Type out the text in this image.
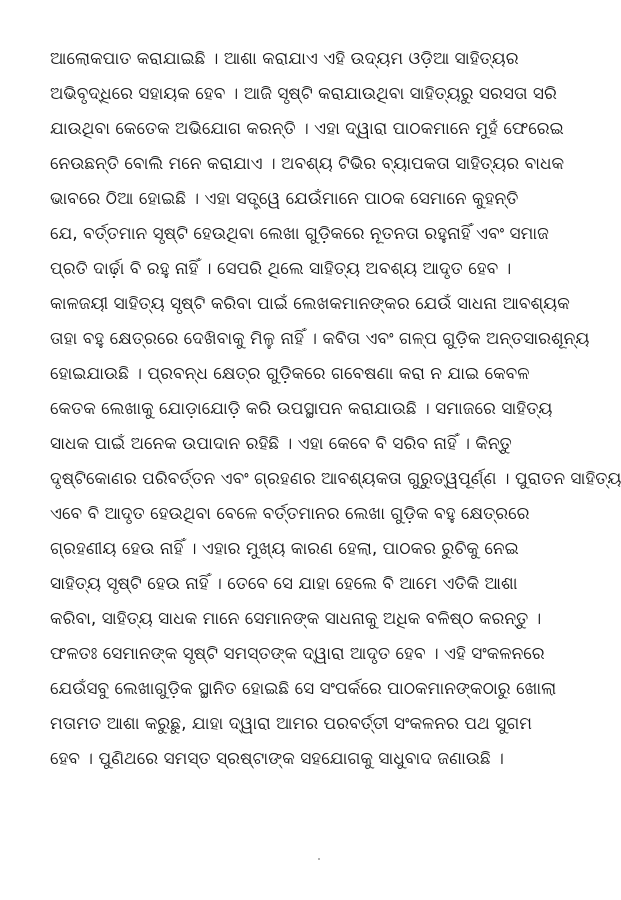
ଆଲୋକପାତ କରାଯାଇଛି । ଆଶା କରାଯାଏ ଏହି ଉଦ୍ୟମ ଓଡ଼ିଆ ସାହିତ୍ୟର
ଅଭିବୃଦ୍ଧିରେ ସହାୟକ ହେବ । ଆଜି ସୃଷ୍ଟି କରାଯାଉଥିବା ସାହିତ୍ୟରୁ ସରସତା ସରି
ଯାଉଥିବା କେତେକ ଅଭିଯୋଗ କରନ୍ତି । ଏହା ଦ୍ୱାରା ପାଠକମାନେ ମୁହଁ ଫେରେଇ
ନେଉଛନ୍ତି ବୋଲି ମନେ କରାଯାଏ । ଅବଶ୍ୟ ଟିଭିର ବ୍ୟାପକତା ସାହିତ୍ୟର ବାଧକ
ଭାବରେ ଠିଆ ହୋଇଛି । ଏହା ସତ୍ତ୍ୱେ ଯେଉଁମାନେ ପାଠକ ସେମାନେ କୁହନ୍ତି
ଯେ, ବର୍ତ୍ତମାନ ସୃଷ୍ଟି ହେଉଥିବା ଲେଖା ଗୁଡ଼ିକରେ ନୂତନତା ରହୁନାହିଁ ଏବଂ ସମାଜ
ପ୍ରତି ଦାର୍ଢ଼ା ବି ରହୁ ନାହିଁ । ସେପରି ଥିଲେ ସାହିତ୍ୟ ଅବଶ୍ୟ ଆଦୃତ ହେବ ।
କାଳଜୟୀ ସାହିତ୍ୟ ସୃଷ୍ଟି କରିବା ପାଇଁ ଲେଖକମାନଙ୍କର ଯେଉଁ ସାଧନା ଆବଶ୍ୟକ
ତାହା ବହୁ କ୍ଷେତ୍ରରେ ଦେଖିବାକୁ ମିଳୁ ନାହିଁ । କବିତା ଏବଂ ଗଳ୍ପ ଗୁଡ଼ିକ ଅନ୍ତସାରଶୂନ୍ୟ
ହୋଇଯାଉଛି । ପ୍ରବନ୍ଧ କ୍ଷେତ୍ର ଗୁଡ଼ିକରେ ଗବେଷଣା କରା ନ ଯାଇ କେବଳ
କେତକ ଲେଖାକୁ ଯୋଡ଼ାଯୋଡ଼ି କରି ଉପସ୍ଥାପନ କରାଯାଉଛି । ସମାଜରେ ସାହିତ୍ୟ
ସାଧକ ପାଇଁ ଅନେକ ଉପାଦାନ ରହିଛି । ଏହା କେବେ ବି ସରିବ ନାହିଁ । କିନ୍ତୁ
ଦୃଷ୍ଟିକୋଣର ପରିବର୍ତ୍ତନ ଏବଂ ଗ୍ରହଣର ଆବଶ୍ୟକତା ଗୁରୁତ୍ୱପୂର୍ଣ୍ଣ । ପୁରାତନ ସାହିତ୍ୟ
ଏବେ ବି ଆଦୃତ ହେଉଥିବା ବେଳେ ବର୍ତ୍ତମାନର ଲେଖା ଗୁଡ଼ିକ ବହୁ କ୍ଷେତ୍ରରେ
ଗ୍ରହଣୀୟ ହେଉ ନାହିଁ । ଏହାର ମୁଖ୍ୟ କାରଣ ହେଲା, ପାଠକର ରୁଚିକୁ ନେଇ
ସାହିତ୍ୟ ସୃଷ୍ଟି ହେଉ ନାହିଁ । ତେବେ ସେ ଯାହା ହେଲେ ବି ଆମେ ଏତିକି ଆଶା
କରିବା, ସାହିତ୍ୟ ସାଧକ ମାନେ ସେମାନଙ୍କ ସାଧନାକୁ ଅଧିକ ବଳିଷ୍ଠ କରନ୍ତୁ ।
ଫଳତଃ ସେମାନଙ୍କ ସୃଷ୍ଟି ସମସ୍ତଙ୍କ ଦ୍ୱାରା ଆଦୃତ ହେବ । ଏହି ସଂକଳନରେ
ଯେଉଁସବୁ ଲେଖାଗୁଡ଼ିକ ସ୍ଥାନିତ ହୋଇଛି ସେ ସଂପର୍କରେ ପାଠକମାନଙ୍କଠାରୁ ଖୋଲା
ମତାମତ ଆଶା କରୁଛୁ, ଯାହା ଦ୍ୱାରା ଆମର ପରବର୍ତ୍ତୀ ସଂକଳନର ପଥ ସୁଗମ
ହେବ । ପୁଣିଥରେ ସମସ୍ତ ସ୍ରଷ୍ଟାଙ୍କ ସହଯୋଗକୁ ସାଧୁବାଦ ଜଣାଉଛି ।
